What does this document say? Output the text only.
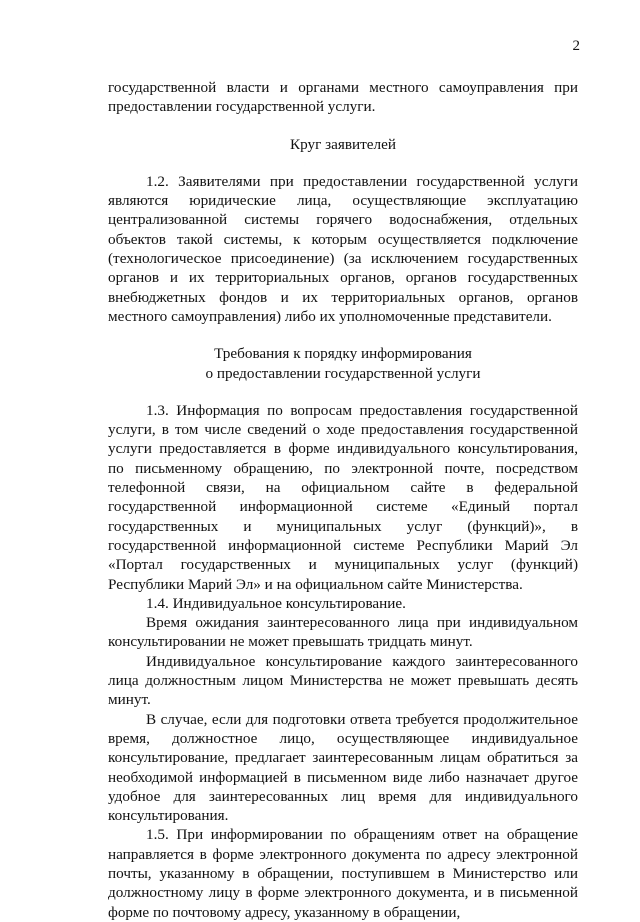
2

государственной власти и органами местного самоуправления при предоставлении государственной услуги.

Круг заявителей

1.2. Заявителями при предоставлении государственной услуги являются юридические лица, осуществляющие эксплуатацию централизованной системы горячего водоснабжения, отдельных объектов такой системы, к которым осуществляется подключение (технологическое присоединение) (за исключением государственных органов и их территориальных органов, органов государственных внебюджетных фондов и их территориальных органов, органов местного самоуправления) либо их уполномоченные представители.

Требования к порядку информирования
о предоставлении государственной услуги

1.3. Информация по вопросам предоставления государственной услуги, в том числе сведений о ходе предоставления государственной услуги предоставляется в форме индивидуального консультирования, по письменному обращению, по электронной почте, посредством телефонной связи, на официальном сайте в федеральной государственной информационной системе «Единый портал государственных и муниципальных услуг (функций)», в государственной информационной системе Республики Марий Эл «Портал государственных и муниципальных услуг (функций) Республики Марий Эл» и на официальном сайте Министерства.

1.4. Индивидуальное консультирование.

Время ожидания заинтересованного лица при индивидуальном консультировании не может превышать тридцать минут.

Индивидуальное консультирование каждого заинтересованного лица должностным лицом Министерства не может превышать десять минут.

В случае, если для подготовки ответа требуется продолжительное время, должностное лицо, осуществляющее индивидуальное консультирование, предлагает заинтересованным лицам обратиться за необходимой информацией в письменном виде либо назначает другое удобное для заинтересованных лиц время для индивидуального консультирования.

1.5. При информировании по обращениям ответ на обращение направляется в форме электронного документа по адресу электронной почты, указанному в обращении, поступившем в Министерство или должностному лицу в форме электронного документа, и в письменной форме по почтовому адресу, указанному в обращении,
